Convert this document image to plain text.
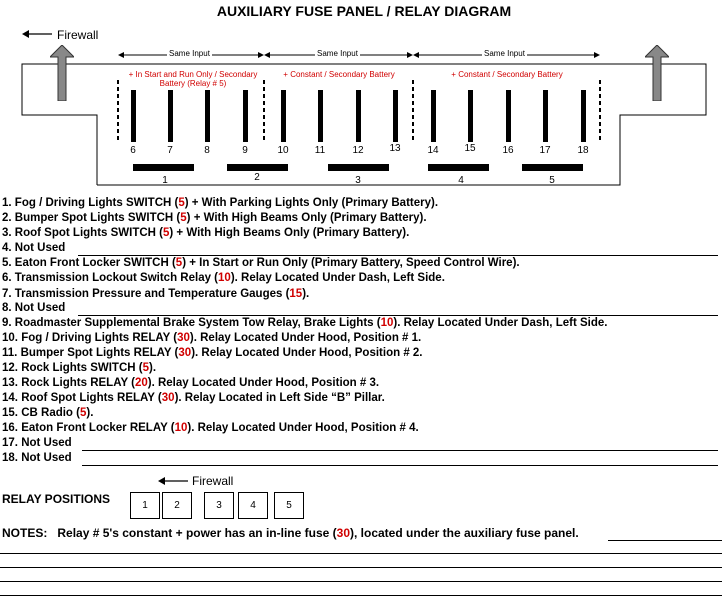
AUXILIARY FUSE PANEL / RELAY DIAGRAM
Firewall
Same Input	Same Input	Same Input
+ In Start and Run Only / Secondary Battery (Relay # 5)
+ Constant / Secondary Battery	+ Constant / Secondary Battery
6	7	8	9	10	11	12	13	14	15	16	17	18
1	2	3	4	5
1. Fog / Driving Lights SWITCH (5) + With Parking Lights Only (Primary Battery).
2. Bumper Spot Lights SWITCH (5) + With High Beams Only (Primary Battery).
3. Roof Spot Lights SWITCH (5) + With High Beams Only (Primary Battery).
4. Not Used
5. Eaton Front Locker SWITCH (5) + In Start or Run Only (Primary Battery, Speed Control Wire).
6. Transmission Lockout Switch Relay (10). Relay Located Under Dash, Left Side.
7. Transmission Pressure and Temperature Gauges (15).
8. Not Used
9. Roadmaster Supplemental Brake System Tow Relay, Brake Lights (10). Relay Located Under Dash, Left Side.
10. Fog / Driving Lights RELAY (30). Relay Located Under Hood, Position # 1.
11. Bumper Spot Lights RELAY (30). Relay Located Under Hood, Position # 2.
12. Rock Lights SWITCH (5).
13. Rock Lights RELAY (20). Relay Located Under Hood, Position # 3.
14. Roof Spot Lights RELAY (30). Relay Located in Left Side “B” Pillar.
15. CB Radio (5).
16. Eaton Front Locker RELAY (10). Relay Located Under Hood, Position # 4.
17. Not Used
18. Not Used
Firewall
RELAY POSITIONS	1	2	3	4	5
NOTES: Relay # 5's constant + power has an in-line fuse (30), located under the auxiliary fuse panel.
